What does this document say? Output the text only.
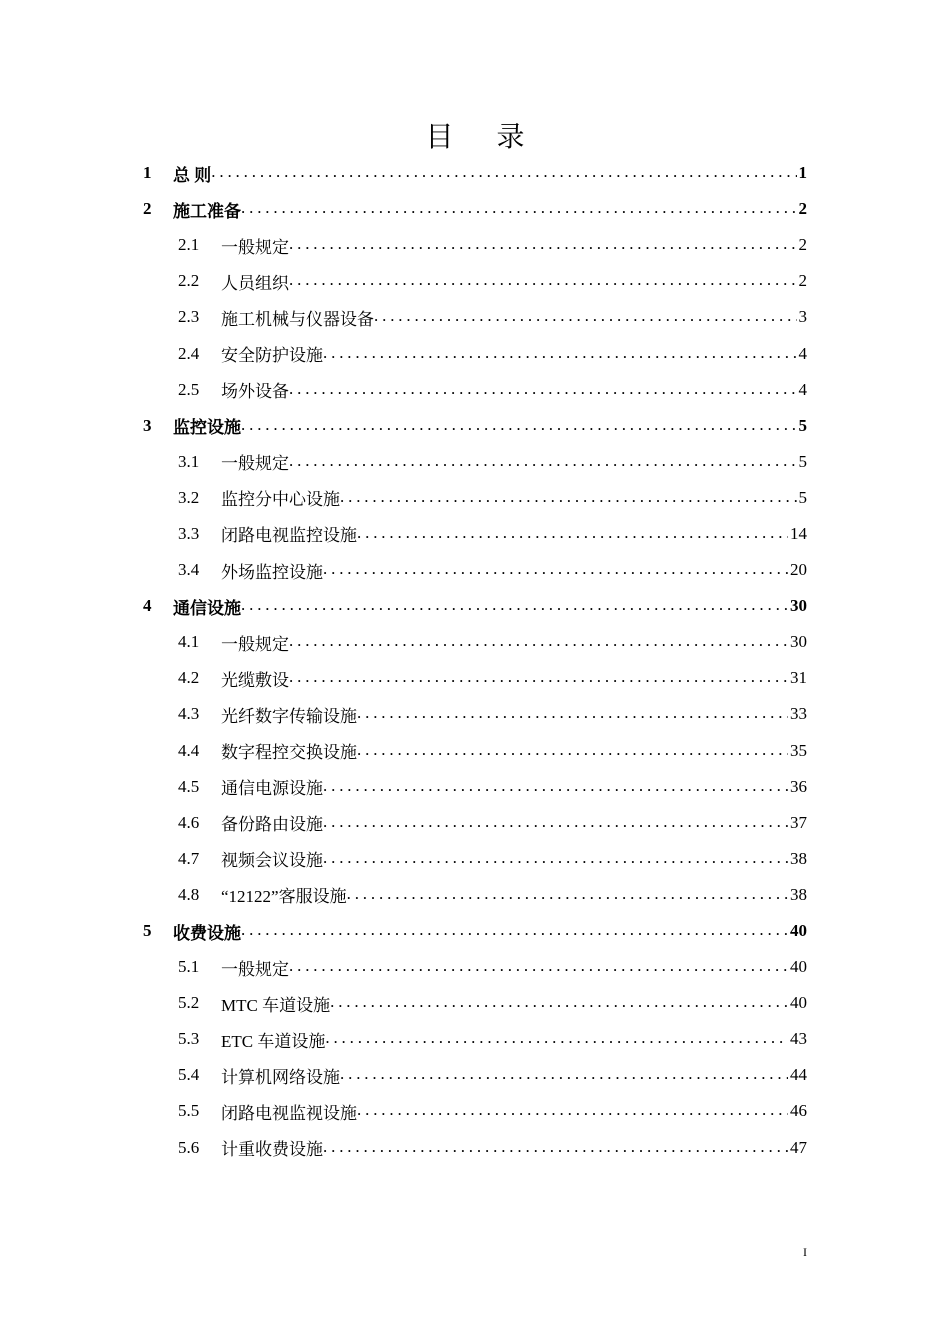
目 录
1	总 则 . . .	1
2	施工准备 . . .	2
2.1	一般规定 . . .	2
2.2	人员组织 . . .	2
2.3	施工机械与仪器设备 . . .	3
2.4	安全防护设施 . . .	4
2.5	场外设备 . . .	4
3	监控设施 . . .	5
3.1	一般规定 . . .	5
3.2	监控分中心设施 . . .	5
3.3	闭路电视监控设施 . . .	14
3.4	外场监控设施 . . .	20
4	通信设施 . . .	30
4.1	一般规定 . . .	30
4.2	光缆敷设 . . .	31
4.3	光纤数字传输设施 . . .	33
4.4	数字程控交换设施 . . .	35
4.5	通信电源设施 . . .	36
4.6	备份路由设施 . . .	37
4.7	视频会议设施 . . .	38
4.8	“12122”客服设施 . . .	38
5	收费设施 . . .	40
5.1	一般规定 . . .	40
5.2	MTC 车道设施 . . .	40
5.3	ETC 车道设施 . . .	43
5.4	计算机网络设施 . . .	44
5.5	闭路电视监视设施 . . .	46
5.6	计重收费设施 . . .	47
I
